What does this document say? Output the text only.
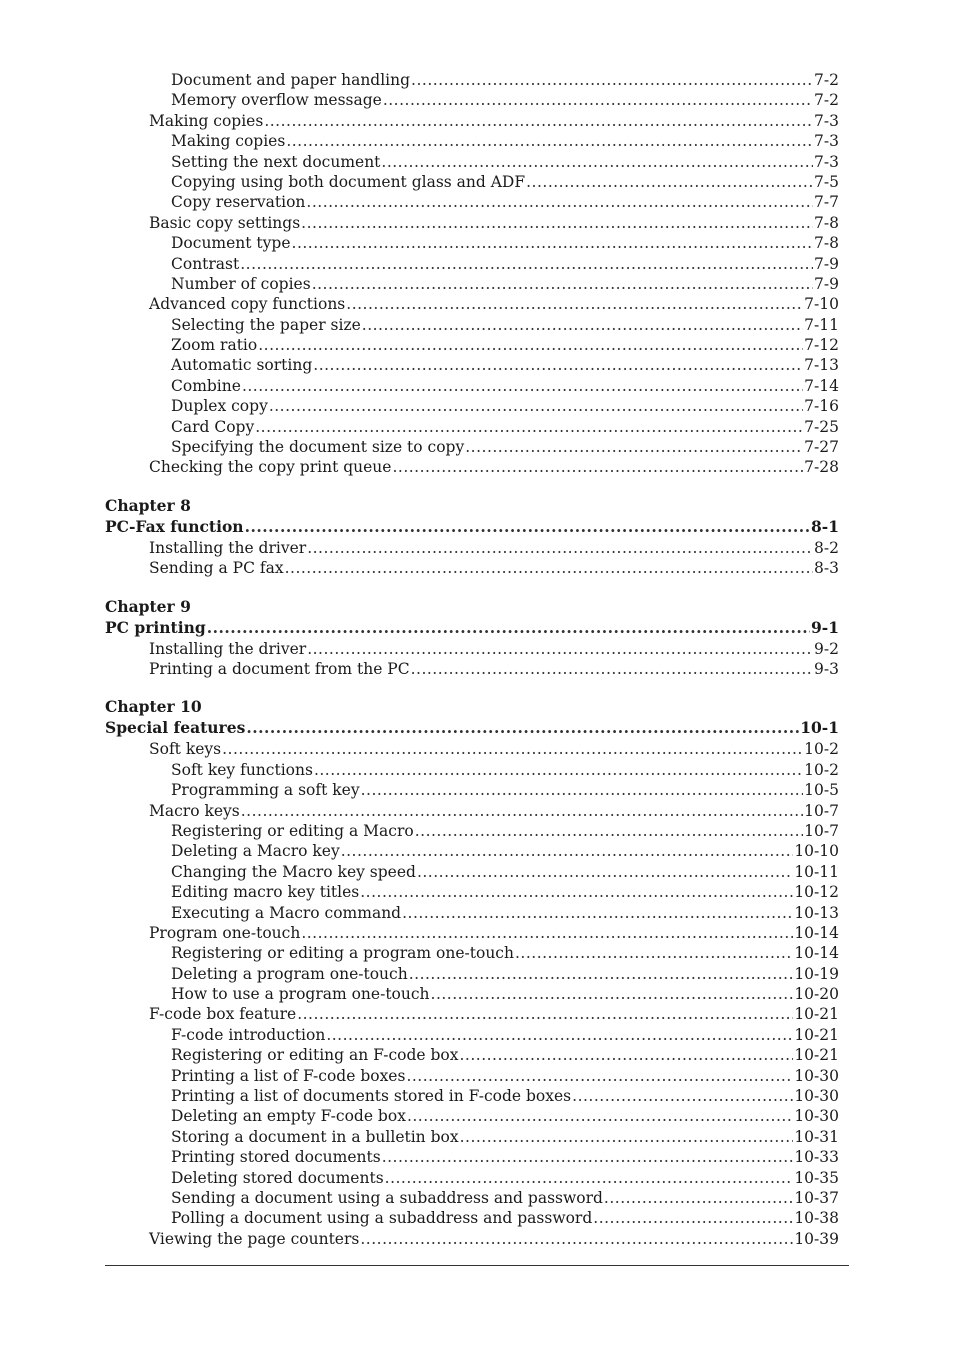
Document and paper handling .....	7-2
Memory overflow message .....	7-2
Making copies .....	7-3
Making copies .....	7-3
Setting the next document .....	7-3
Copying using both document glass and ADF .....	7-5
Copy reservation .....	7-7
Basic copy settings .....	7-8
Document type .....	7-8
Contrast .....	7-9
Number of copies .....	7-9
Advanced copy functions .....	7-10
Selecting the paper size .....	7-11
Zoom ratio .....	7-12
Automatic sorting .....	7-13
Combine .....	7-14
Duplex copy .....	7-16
Card Copy .....	7-25
Specifying the document size to copy .....	7-27
Checking the copy print queue .....	7-28
Chapter 8
PC-Fax function .....	8-1
Installing the driver .....	8-2
Sending a PC fax .....	8-3
Chapter 9
PC printing .....	9-1
Installing the driver .....	9-2
Printing a document from the PC .....	9-3
Chapter 10
Special features .....	10-1
Soft keys .....	10-2
Soft key functions .....	10-2
Programming a soft key .....	10-5
Macro keys .....	10-7
Registering or editing a Macro .....	10-7
Deleting a Macro key .....	10-10
Changing the Macro key speed .....	10-11
Editing macro key titles .....	10-12
Executing a Macro command .....	10-13
Program one-touch .....	10-14
Registering or editing a program one-touch .....	10-14
Deleting a program one-touch .....	10-19
How to use a program one-touch .....	10-20
F-code box feature .....	10-21
F-code introduction .....	10-21
Registering or editing an F-code box .....	10-21
Printing a list of F-code boxes .....	10-30
Printing a list of documents stored in F-code boxes .....	10-30
Deleting an empty F-code box .....	10-30
Storing a document in a bulletin box .....	10-31
Printing stored documents .....	10-33
Deleting stored documents .....	10-35
Sending a document using a subaddress and password .....	10-37
Polling a document using a subaddress and password .....	10-38
Viewing the page counters .....	10-39
